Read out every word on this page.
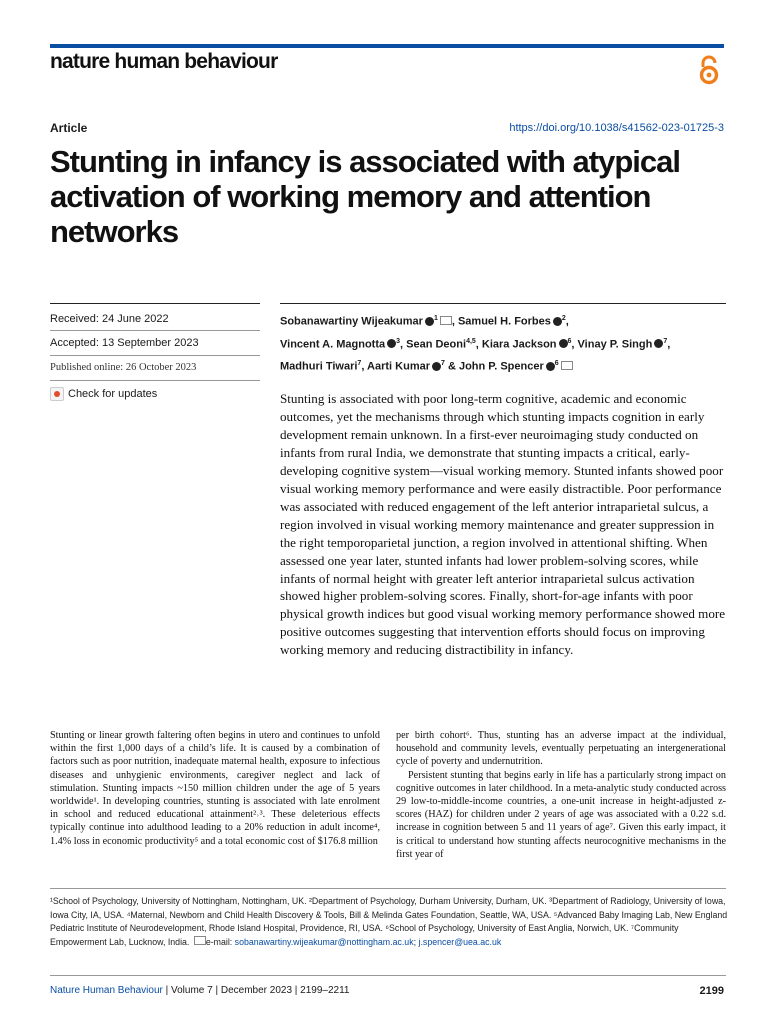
nature human behaviour
Article	https://doi.org/10.1038/s41562-023-01725-3
Stunting in infancy is associated with atypical activation of working memory and attention networks
Received: 24 June 2022
Accepted: 13 September 2023
Published online: 26 October 2023
Check for updates
Sobanawartiny Wijeakumar $^1$ , Samuel H. Forbes $^2$,
Vincent A. Magnotta $^3$, Sean Deoni$^{4,5}$, Kiara Jackson $^6$, Vinay P. Singh $^7$,
Madhuri Tiwari$^7$, Aarti Kumar $^7$ & John P. Spencer $^6$
Stunting is associated with poor long-term cognitive, academic and economic outcomes, yet the mechanisms through which stunting impacts cognition in early development remain unknown. In a first-ever neuroimaging study conducted on infants from rural India, we demonstrate that stunting impacts a critical, early-developing cognitive system—visual working memory. Stunted infants showed poor visual working memory performance and were easily distractible. Poor performance was associated with reduced engagement of the left anterior intraparietal sulcus, a region involved in visual working memory maintenance and greater suppression in the right temporoparietal junction, a region involved in attentional shifting. When assessed one year later, stunted infants had lower problem-solving scores, while infants of normal height with greater left anterior intraparietal sulcus activation showed higher problem-solving scores. Finally, short-for-age infants with poor physical growth indices but good visual working memory performance showed more positive outcomes suggesting that intervention efforts should focus on improving working memory and reducing distractibility in infancy.
Stunting or linear growth faltering often begins in utero and continues to unfold within the first 1,000 days of a child’s life. It is caused by a combination of factors such as poor nutrition, inadequate maternal health, exposure to infectious diseases and unhygienic environments, caregiver neglect and lack of stimulation. Stunting impacts ~150 million children under the age of 5 years worldwide¹. In developing countries, stunting is associated with late enrolment in school and reduced educational attainment²˒³. These deleterious effects typically continue into adulthood leading to a 20% reduction in adult income⁴, 1.4% loss in economic productivity⁵ and a total economic cost of $176.8 million
per birth cohort⁶. Thus, stunting has an adverse impact at the individual, household and community levels, eventually perpetuating an intergenerational cycle of poverty and undernutrition.
Persistent stunting that begins early in life has a particularly strong impact on cognitive outcomes in later childhood. In a meta-analytic study conducted across 29 low-to-middle-income countries, a one-unit increase in height-adjusted z-scores (HAZ) for children under 2 years of age was associated with a 0.22 s.d. increase in cognition between 5 and 11 years of age⁷. Given this early impact, it is critical to understand how stunting affects neurocognitive mechanisms in the first year of
¹School of Psychology, University of Nottingham, Nottingham, UK. ²Department of Psychology, Durham University, Durham, UK. ³Department of Radiology, University of Iowa, Iowa City, IA, USA. ⁴Maternal, Newborn and Child Health Discovery & Tools, Bill & Melinda Gates Foundation, Seattle, WA, USA. ⁵Advanced Baby Imaging Lab, New England Pediatric Institute of Neurodevelopment, Rhode Island Hospital, Providence, RI, USA. ⁶School of Psychology, University of East Anglia, Norwich, UK. ⁷Community Empowerment Lab, Lucknow, India. e-mail: sobanawartiny.wijeakumar@nottingham.ac.uk; j.spencer@uea.ac.uk
Nature Human Behaviour | Volume 7 | December 2023 | 2199–2211	2199
